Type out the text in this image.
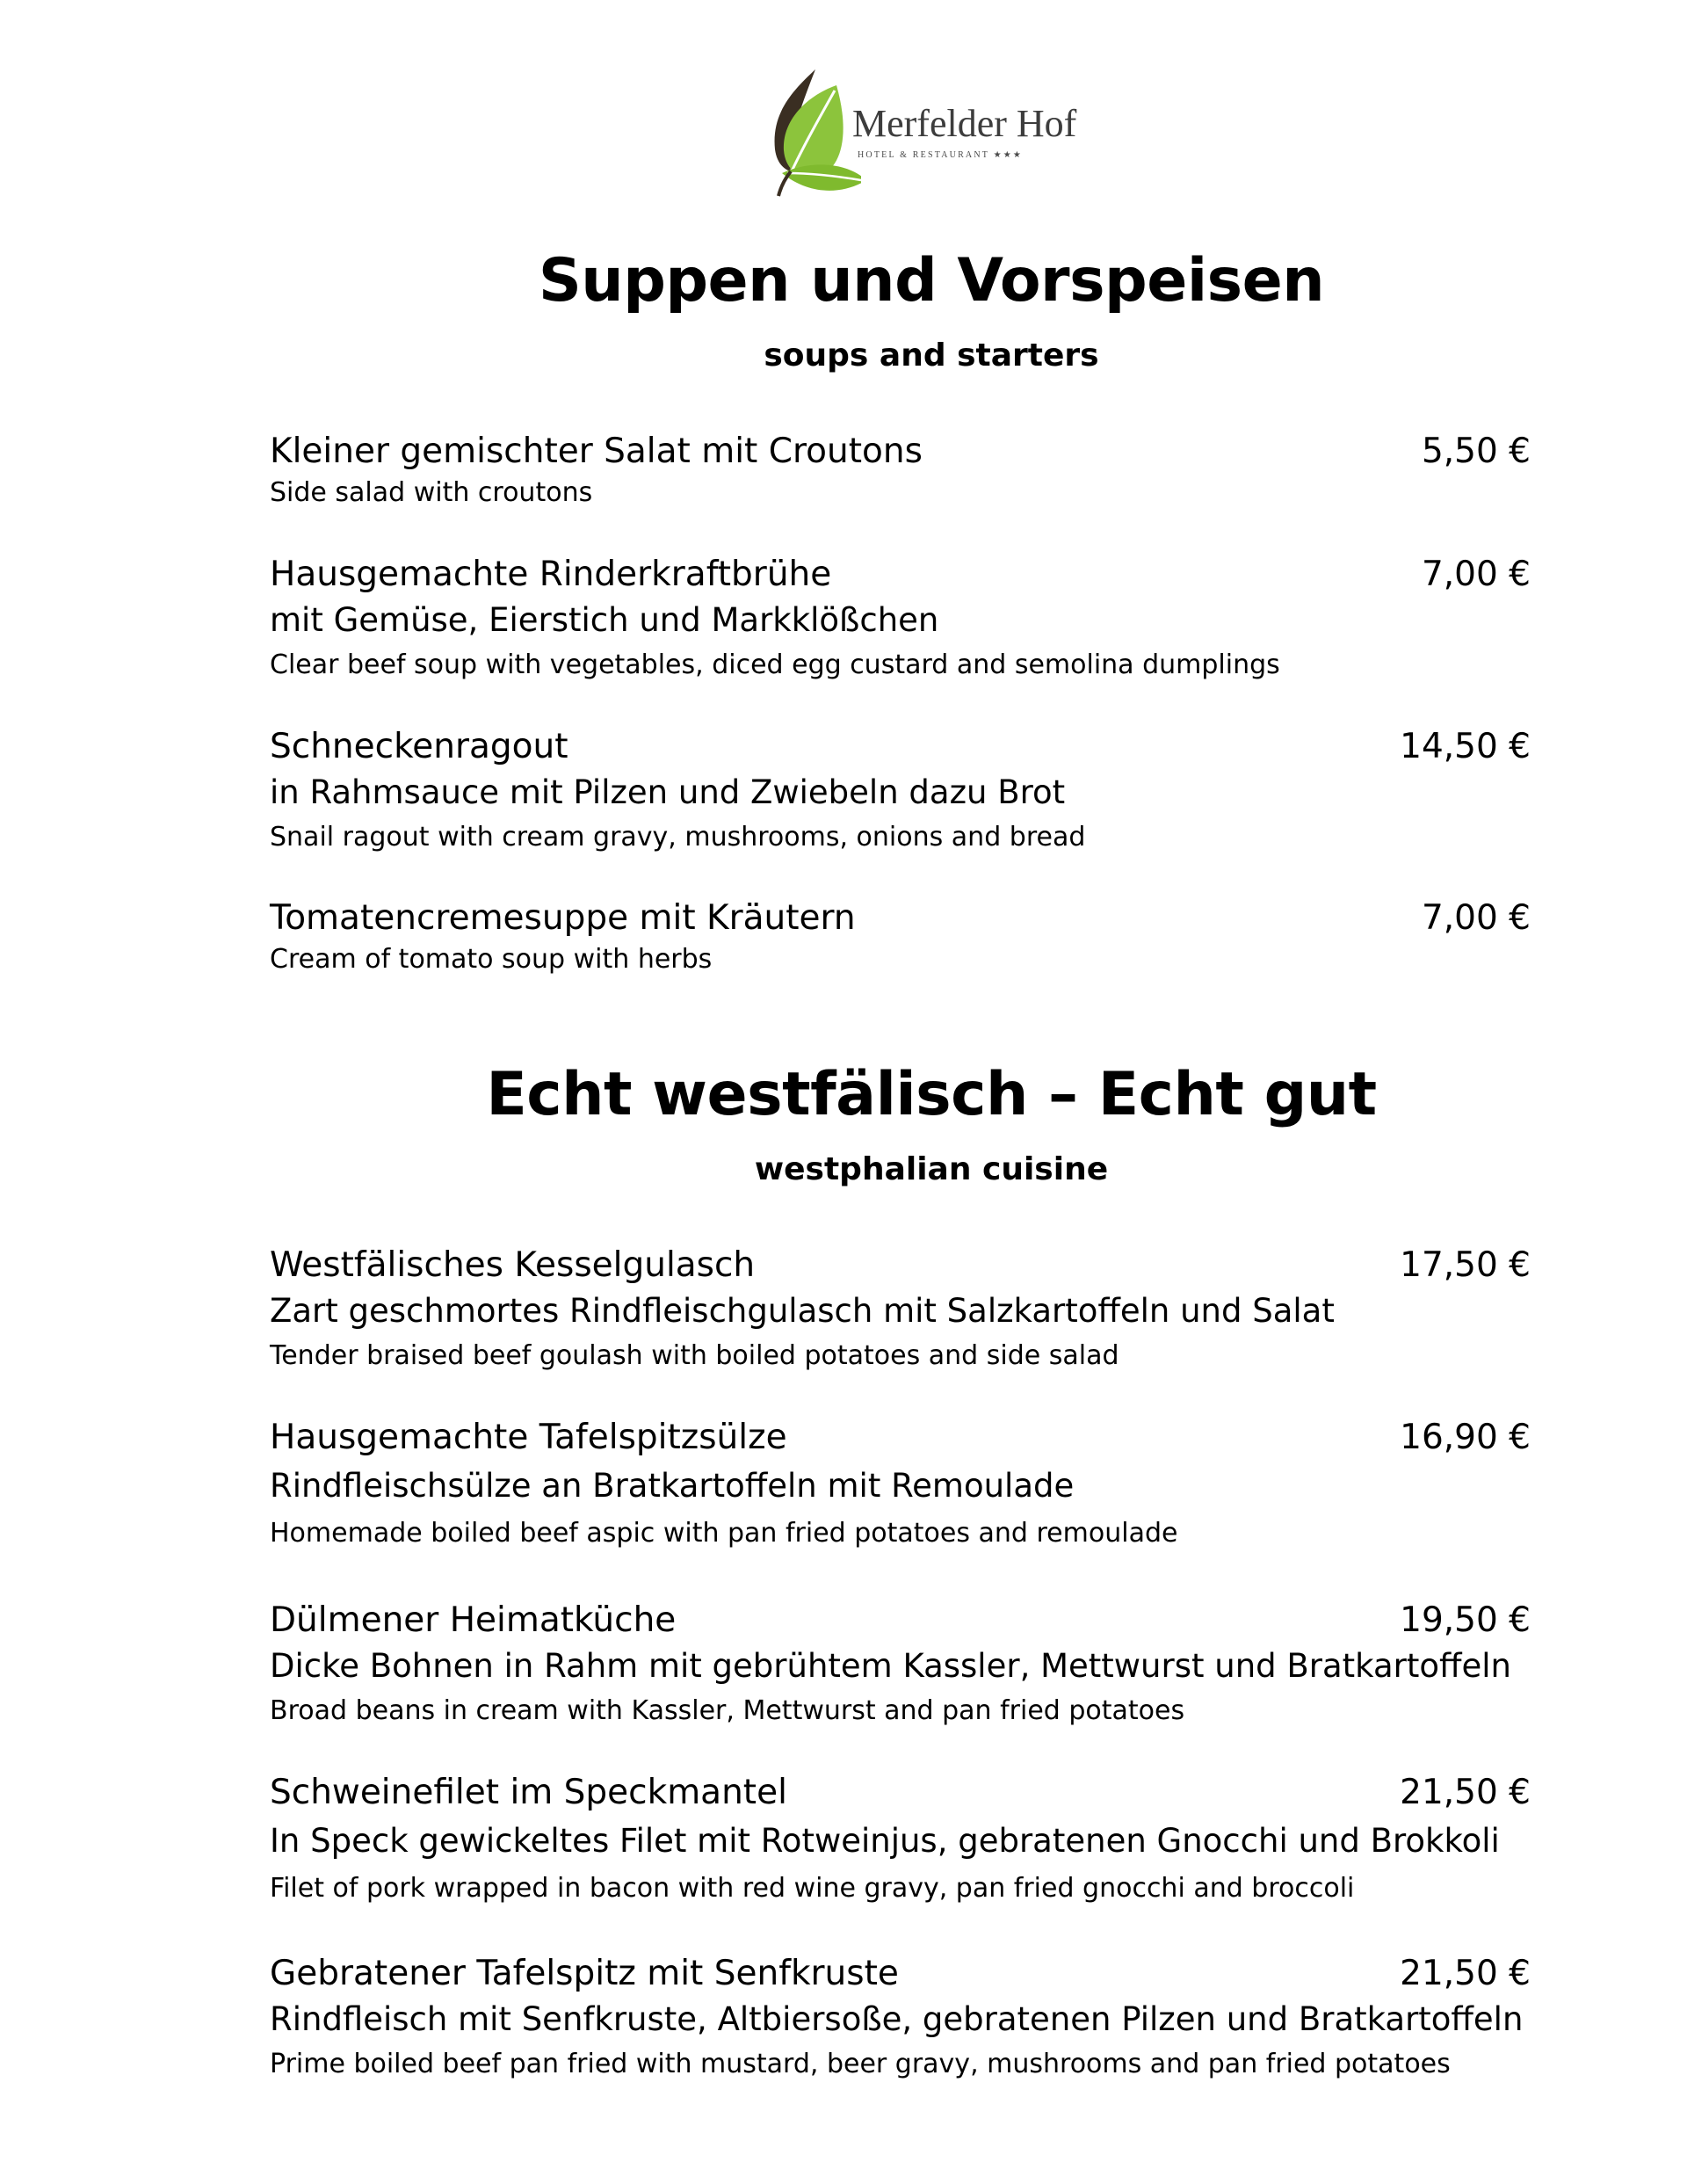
Merfelder Hof
HOTEL & RESTAURANT ★★★
Suppen und Vorspeisen
soups and starters
Kleiner gemischter Salat mit Croutons	5,50 €
Side salad with croutons
Hausgemachte Rinderkraftbrühe	7,00 €
mit Gemüse, Eierstich und Markklößchen
Clear beef soup with vegetables, diced egg custard and semolina dumplings
Schneckenragout	14,50 €
in Rahmsauce mit Pilzen und Zwiebeln dazu Brot
Snail ragout with cream gravy, mushrooms, onions and bread
Tomatencremesuppe mit Kräutern	7,00 €
Cream of tomato soup with herbs
Echt westfälisch – Echt gut
westphalian cuisine
Westfälisches Kesselgulasch	17,50 €
Zart geschmortes Rindfleischgulasch mit Salzkartoffeln und Salat
Tender braised beef goulash with boiled potatoes and side salad
Hausgemachte Tafelspitzsülze	16,90 €
Rindfleischsülze an Bratkartoffeln mit Remoulade
Homemade boiled beef aspic with pan fried potatoes and remoulade
Dülmener Heimatküche	19,50 €
Dicke Bohnen in Rahm mit gebrühtem Kassler, Mettwurst und Bratkartoffeln
Broad beans in cream with Kassler, Mettwurst and pan fried potatoes
Schweinefilet im Speckmantel	21,50 €
In Speck gewickeltes Filet mit Rotweinjus, gebratenen Gnocchi und Brokkoli
Filet of pork wrapped in bacon with red wine gravy, pan fried gnocchi and broccoli
Gebratener Tafelspitz mit Senfkruste	21,50 €
Rindfleisch mit Senfkruste, Altbiersoße, gebratenen Pilzen und Bratkartoffeln
Prime boiled beef pan fried with mustard, beer gravy, mushrooms and pan fried potatoes
